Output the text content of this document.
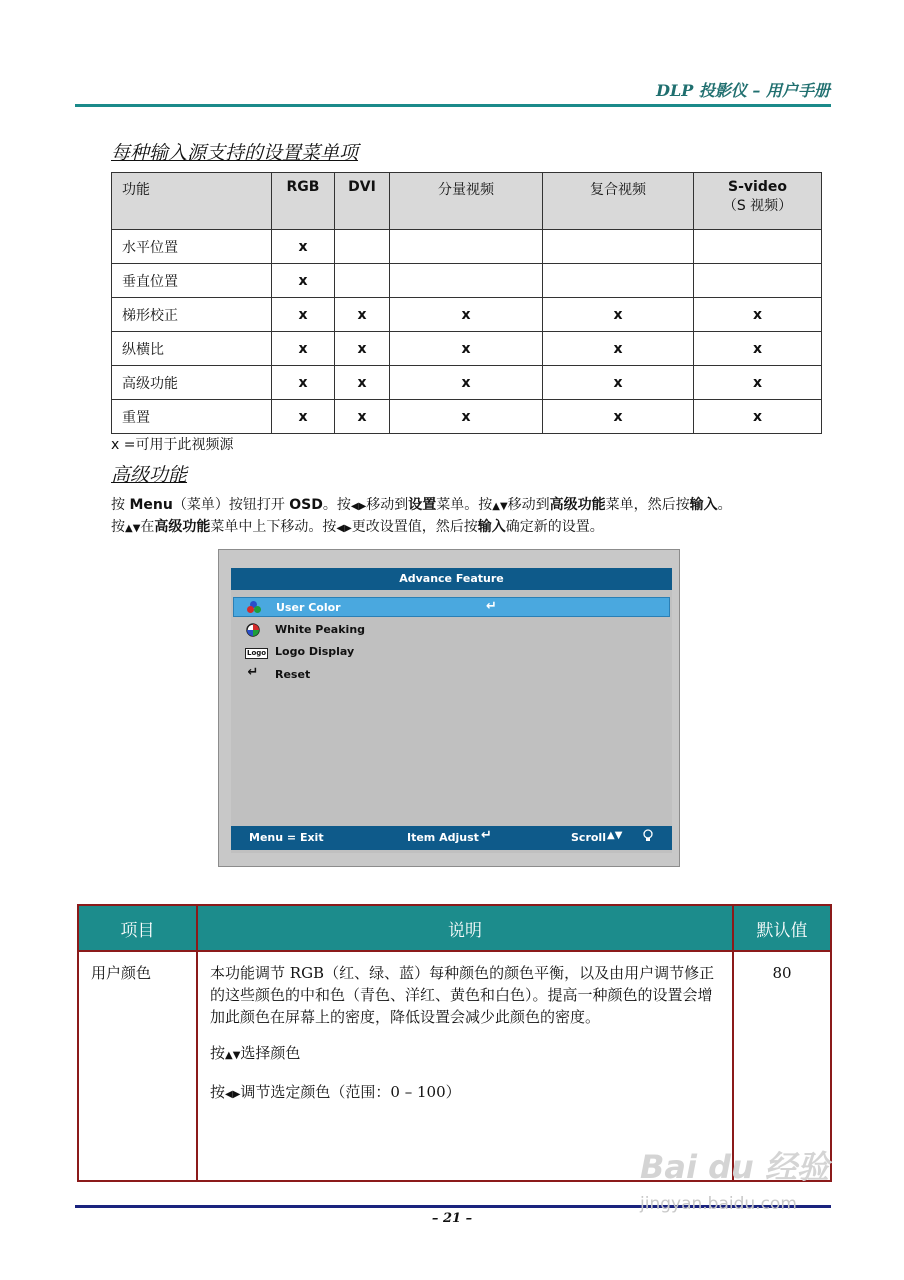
DLP 投影仪 – 用户手册
每种输入源支持的设置菜单项
功能	RGB	DVI	分量视频	复合视频	S-video
（S 视频）

水平位置	x				
垂直位置	x				
梯形校正	x	x	x	x	x
纵横比	x	x	x	x	x
高级功能	x	x	x	x	x
重置	x	x	x	x	x
x =可用于此视频源
高级功能
按 Menu（菜单）按钮打开 OSD。按◀▶移动到设置菜单。按▲▼移动到高级功能菜单，然后按输入。
按▲▼在高级功能菜单中上下移动。按◀▶更改设置值，然后按输入确定新的设置。
Advance Feature
User Color	↵
White Peaking
Logo Logo Display
↵ Reset
Menu = Exit	Item Adjust ↵	Scroll ▲▼
项目	说明	默认值
用户颜色	本功能调节 RGB（红、绿、蓝）每种颜色的颜色平衡，以及由用户调节修正的这些颜色的中和色（青色、洋红、黄色和白色）。提高一种颜色的设置会增加此颜色在屏幕上的密度，降低设置会减少此颜色的密度。

按▲▼选择颜色

按◀▶调节选定颜色（范围：0 – 100）	80
– 21 –
Bai du 经验
jingyan.baidu.com
